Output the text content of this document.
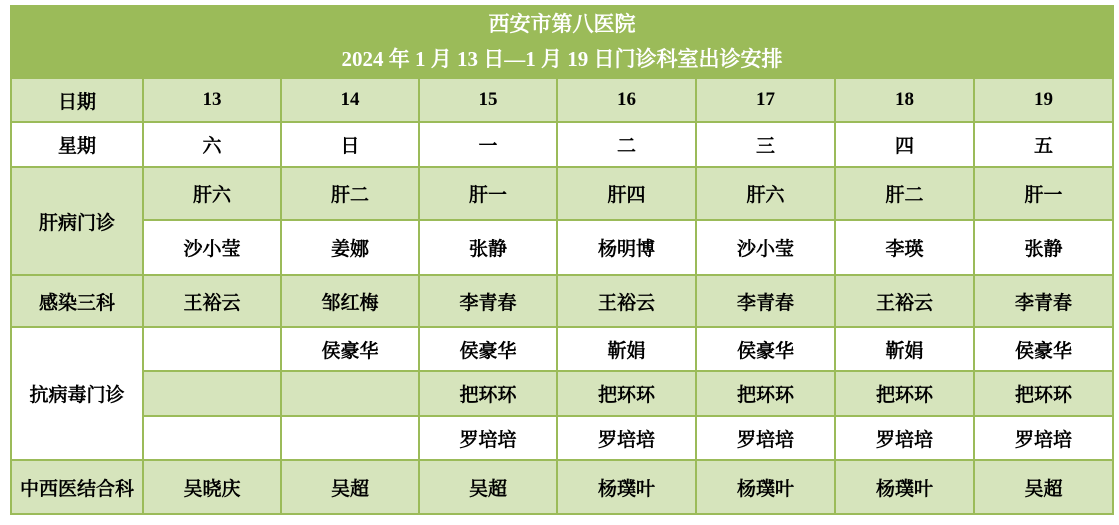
西安市第八医院
2024 年 1 月 13 日—1 月 19 日门诊科室出诊安排							

日期	13	14	15	16	17	18	19
星期	六	日	一	二	三	四	五
肝病门诊	肝六	肝二	肝一	肝四	肝六	肝二	肝一
	沙小莹	姜娜	张静	杨明博	沙小莹	李瑛	张静
感染三科	王裕云	邹红梅	李青春	王裕云	李青春	王裕云	李青春
抗病毒门诊		侯豪华	侯豪华	靳娟	侯豪华	靳娟	侯豪华
			把环环	把环环	把环环	把环环	把环环
			罗培培	罗培培	罗培培	罗培培	罗培培
中西医结合科	吴晓庆	吴超	吴超	杨璞叶	杨璞叶	杨璞叶	吴超
